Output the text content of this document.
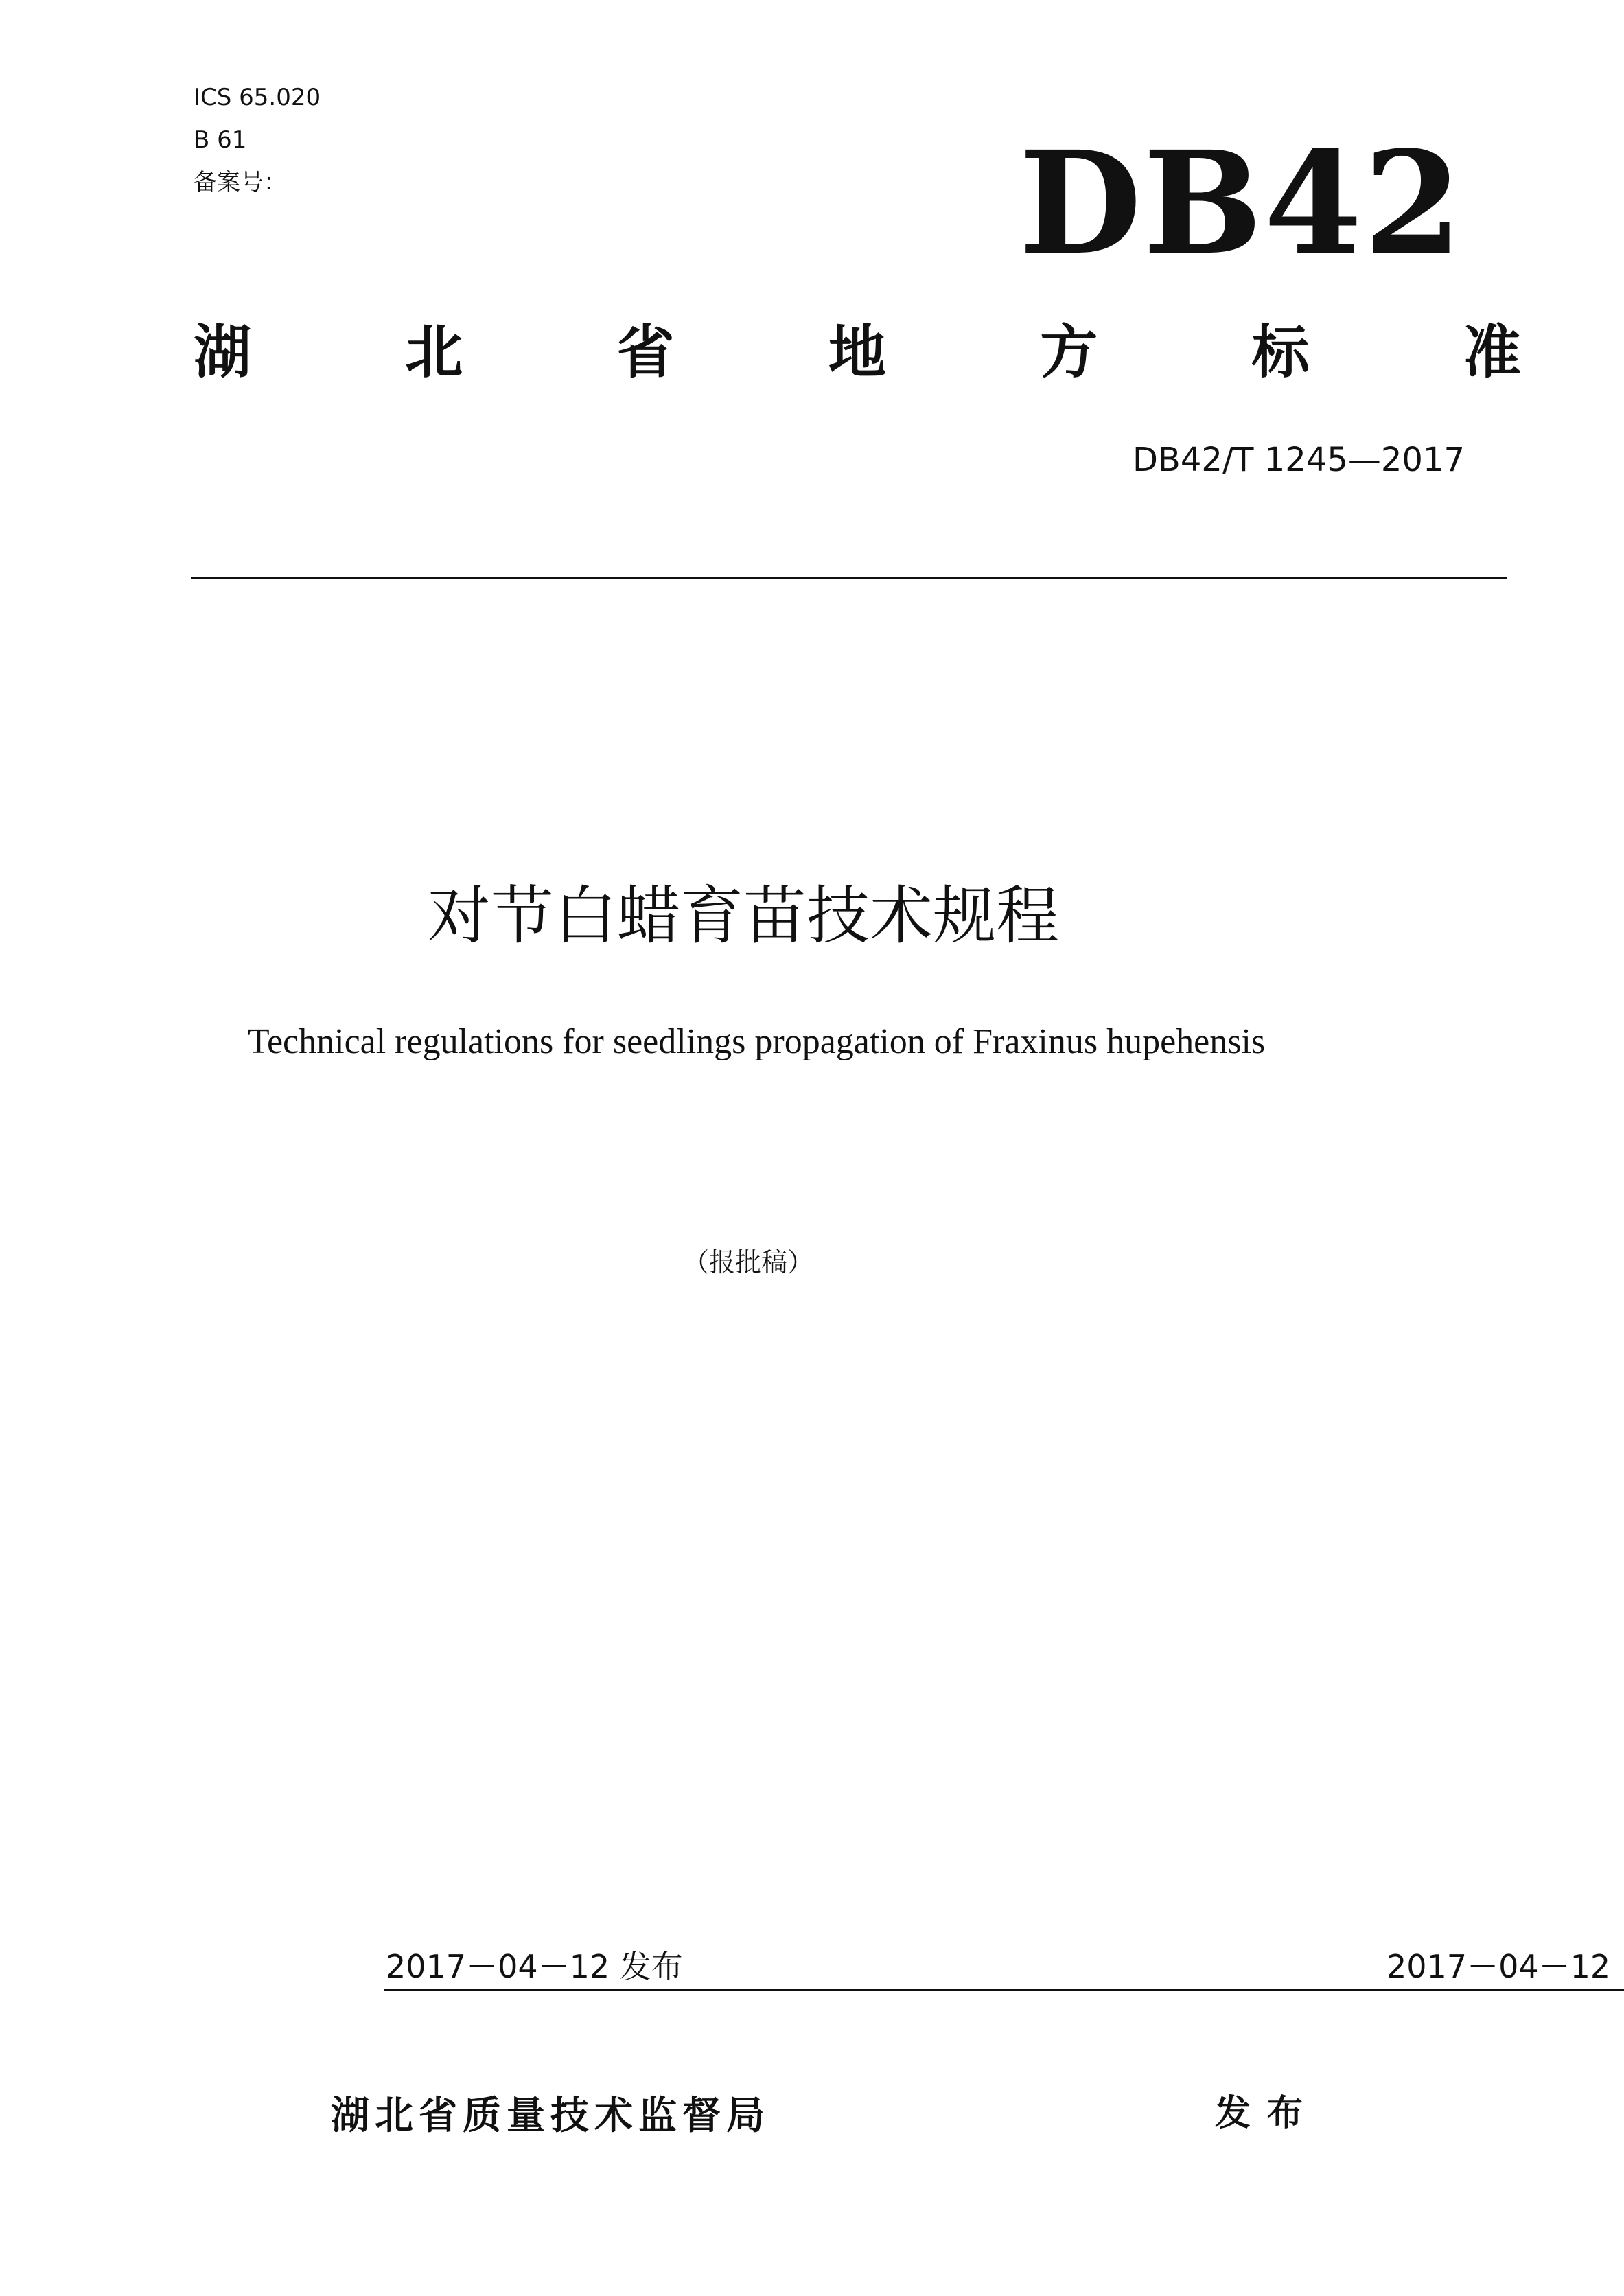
ICS 65.020
B 61
备案号：	DB42
湖	北	省	地	方	标	准
DB42/T 1245—2017
对节白蜡育苗技术规程
Technical regulations for seedlings propagation of Fraxinus hupehensis
（报批稿）
2017－04－12 发布	2017－04－12
湖北省质量技术监督局	发布
